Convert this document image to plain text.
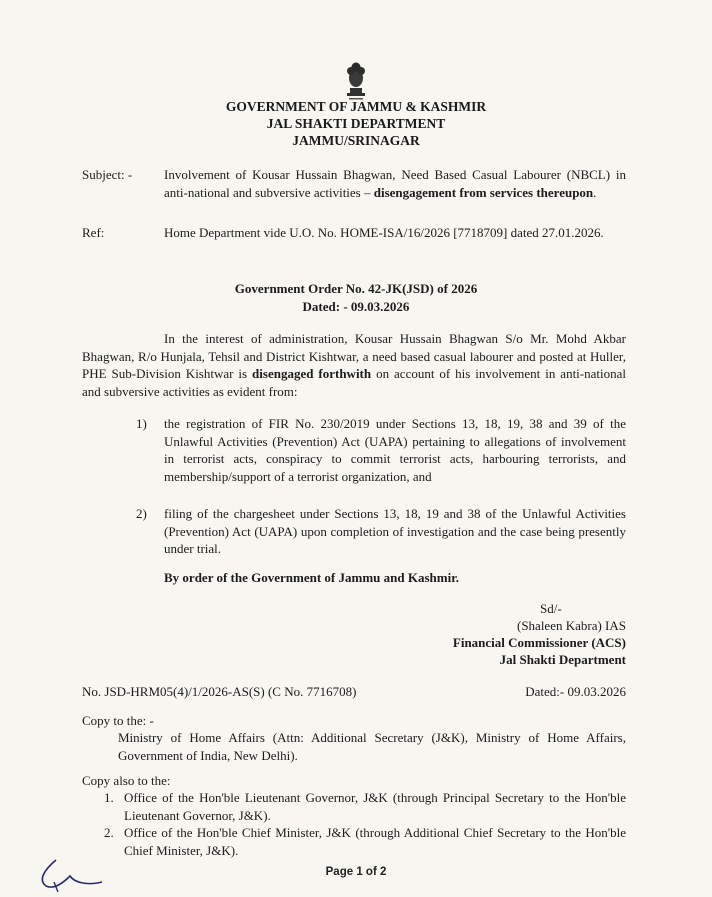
GOVERNMENT OF JAMMU & KASHMIR
JAL SHAKTI DEPARTMENT
JAMMU/SRINAGAR
Subject: - Involvement of Kousar Hussain Bhagwan, Need Based Casual Labourer (NBCL) in anti-national and subversive activities – disengagement from services thereupon.
Ref:	Home Department vide U.O. No. HOME-ISA/16/2026 [7718709] dated 27.01.2026.
Government Order No. 42-JK(JSD) of 2026
Dated: - 09.03.2026
In the interest of administration, Kousar Hussain Bhagwan S/o Mr. Mohd Akbar Bhagwan, R/o Hunjala, Tehsil and District Kishtwar, a need based casual labourer and posted at Huller, PHE Sub-Division Kishtwar is disengaged forthwith on account of his involvement in anti-national and subversive activities as evident from:
1) the registration of FIR No. 230/2019 under Sections 13, 18, 19, 38 and 39 of the Unlawful Activities (Prevention) Act (UAPA) pertaining to allegations of involvement in terrorist acts, conspiracy to commit terrorist acts, harbouring terrorists, and membership/support of a terrorist organization, and
2) filing of the chargesheet under Sections 13, 18, 19 and 38 of the Unlawful Activities (Prevention) Act (UAPA) upon completion of investigation and the case being presently under trial.
By order of the Government of Jammu and Kashmir.
Sd/-
(Shaleen Kabra) IAS
Financial Commissioner (ACS)
Jal Shakti Department
No. JSD-HRM05(4)/1/2026-AS(S) (C No. 7716708)	Dated:- 09.03.2026
Copy to the: -
Ministry of Home Affairs (Attn: Additional Secretary (J&K), Ministry of Home Affairs, Government of India, New Delhi).
Copy also to the:
1. Office of the Hon'ble Lieutenant Governor, J&K (through Principal Secretary to the Hon'ble Lieutenant Governor, J&K).
2. Office of the Hon'ble Chief Minister, J&K (through Additional Chief Secretary to the Hon'ble Chief Minister, J&K).
Page 1 of 2
